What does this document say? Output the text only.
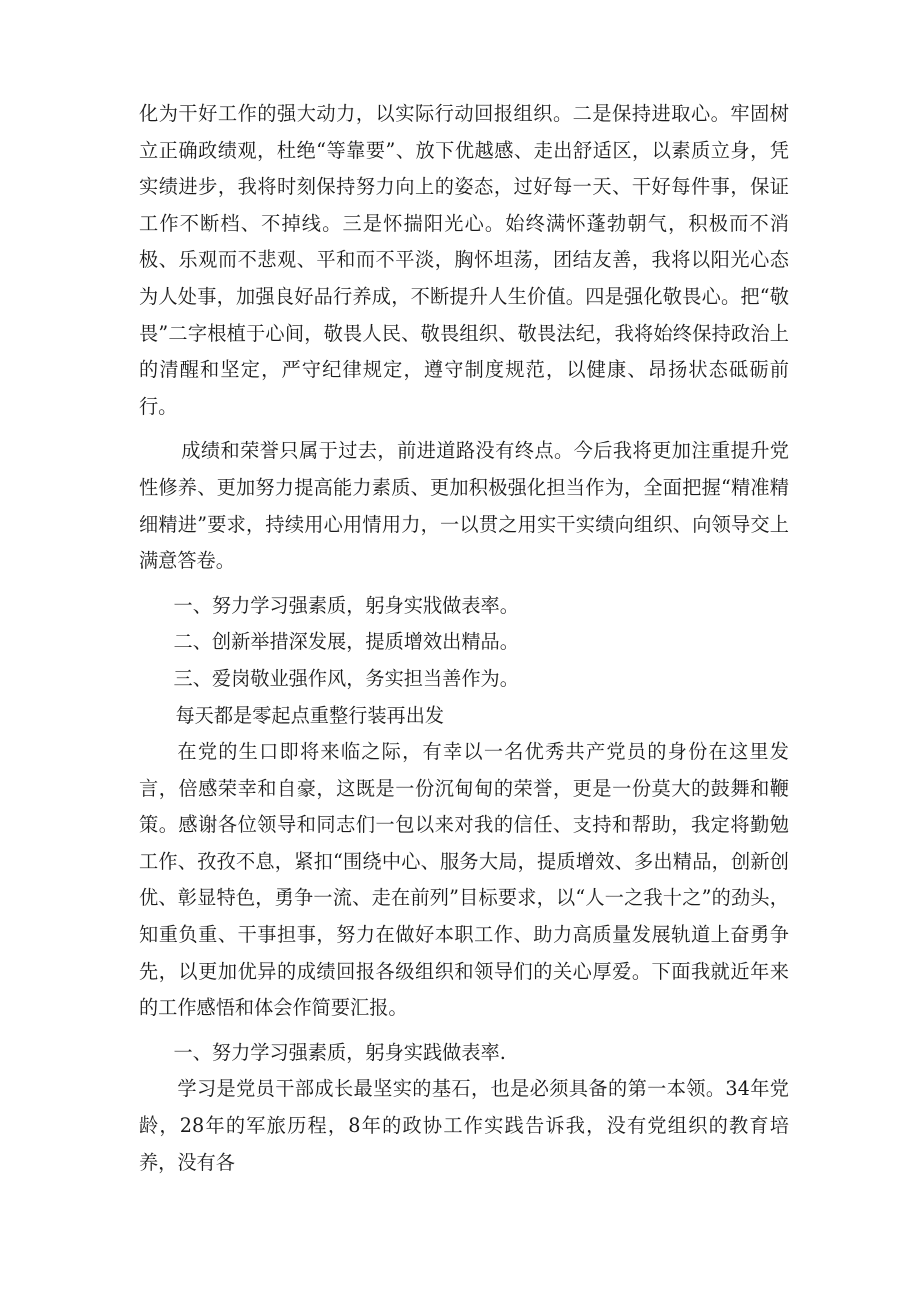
化为干好工作的强大动力，以实际行动回报组织。二是保持进取心。牢固树立正确政绩观，杜绝“等靠要”、放下优越感、走出舒适区，以素质立身，凭实绩进步，我将时刻保持努力向上的姿态，过好每一天、干好每件事，保证工作不断档、不掉线。三是怀揣阳光心。始终满怀蓬勃朝气，积极而不消极、乐观而不悲观、平和而不平淡，胸怀坦荡，团结友善，我将以阳光心态为人处事，加强良好品行养成，不断提升人生价值。四是强化敬畏心。把“敬畏”二字根植于心间，敬畏人民、敬畏组织、敬畏法纪，我将始终保持政治上的清醒和坚定，严守纪律规定，遵守制度规范，以健康、昂扬状态砥砺前行。

成绩和荣誉只属于过去，前进道路没有终点。今后我将更加注重提升党性修养、更加努力提高能力素质、更加积极强化担当作为，全面把握“精准精细精进”要求，持续用心用情用力，一以贯之用实干实绩向组织、向领导交上满意答卷。

一、努力学习强素质，躬身实戕做表率。

二、创新举措深发展，提质增效出精品。

三、爱岗敬业强作风，务实担当善作为。

每天都是零起点重整行装再出发

在党的生口即将来临之际，有幸以一名优秀共产党员的身份在这里发言，倍感荣幸和自豪，这既是一份沉甸甸的荣誉，更是一份莫大的鼓舞和鞭策。感谢各位领导和同志们一包以来对我的信任、支持和帮助，我定将勤勉工作、孜孜不息，紧扣“围绕中心、服务大局，提质增效、多出精品，创新创优、彰显特色，勇争一流、走在前列”目标要求，以“人一之我十之”的劲头，知重负重、干事担事，努力在做好本职工作、助力高质量发展轨道上奋勇争先，以更加优异的成绩回报各级组织和领导们的关心厚爱。下面我就近年来的工作感悟和体会作简要汇报。

一、努力学习强素质，躬身实践做表率.

学习是党员干部成长最坚实的基石，也是必须具备的第一本领。34年党龄，28年的军旅历程，8年的政协工作实践告诉我，没有党组织的教育培养，没有各
